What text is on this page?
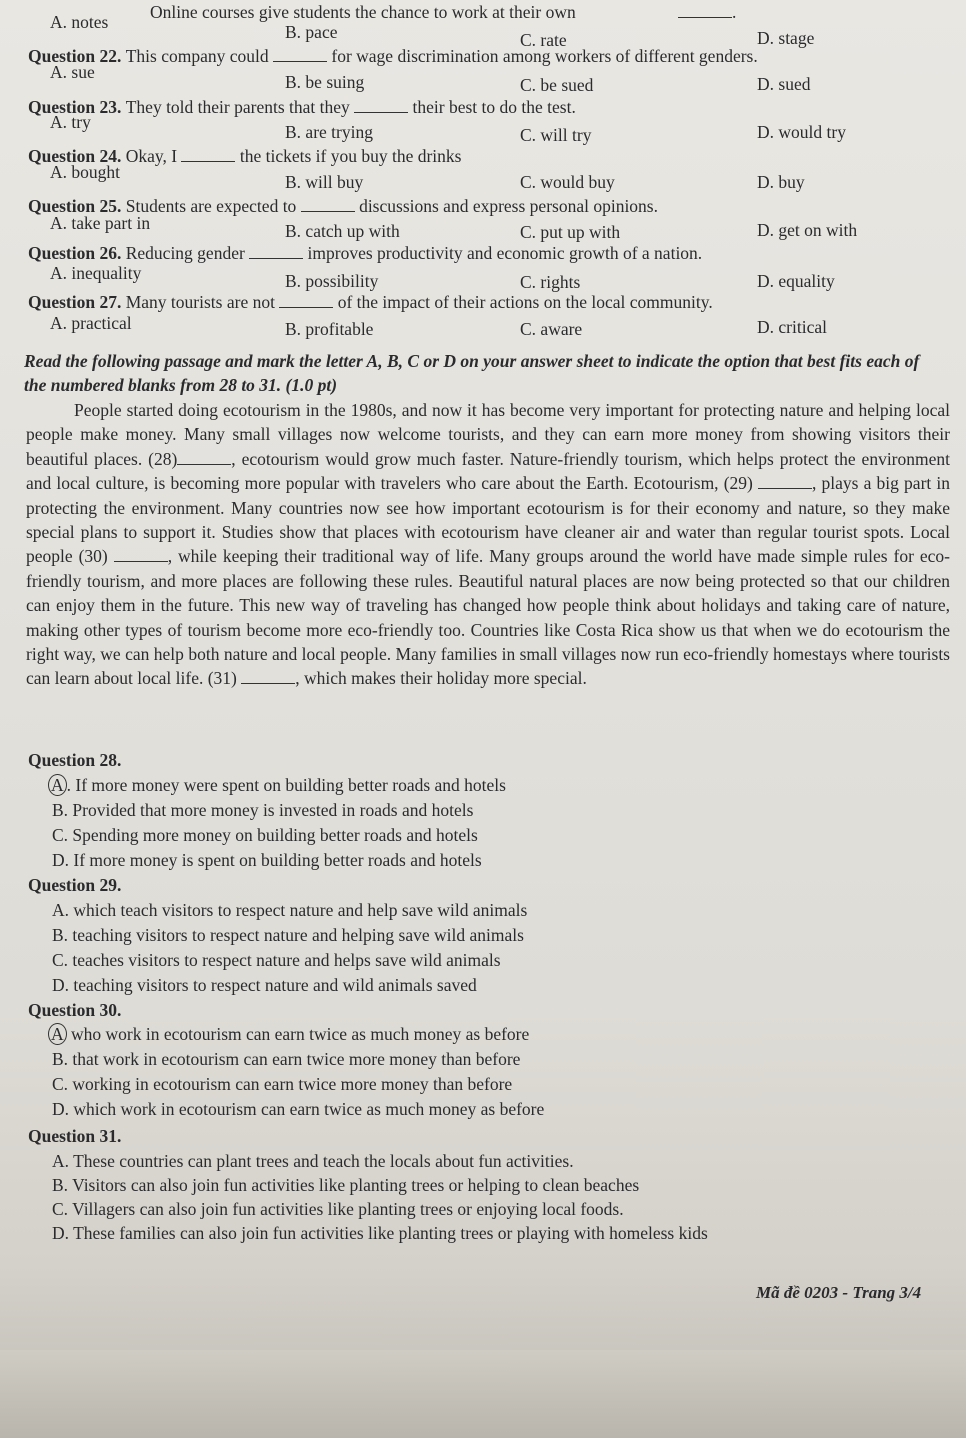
Online courses give students the chance to work at their own	.
A. notes	B. pace	C. rate	D. stage
Question 22. This company could	for wage discrimination among workers of different genders.
A. sue	B. be suing	C. be sued	D. sued
Question 23. They told their parents that they	their best to do the test.
A. try	B. are trying	C. will try	D. would try
Question 24. Okay, I	the tickets if you buy the drinks
A. bought	B. will buy	C. would buy	D. buy
Question 25. Students are expected to	discussions and express personal opinions.
A. take part in	B. catch up with	C. put up with	D. get on with
Question 26. Reducing gender	improves productivity and economic growth of a nation.
A. inequality	B. possibility	C. rights	D. equality
Question 27. Many tourists are not	of the impact of their actions on the local community.
A. practical	B. profitable	C. aware	D. critical
Read the following passage and mark the letter A, B, C or D on your answer sheet to indicate the option that best fits each of the numbered blanks from 28 to 31. (1.0 pt)
People started doing ecotourism in the 1980s, and now it has become very important for protecting nature and helping local people make money. Many small villages now welcome tourists, and they can earn more money from showing visitors their beautiful places. (28)	, ecotourism would grow much faster. Nature-friendly tourism, which helps protect the environment and local culture, is becoming more popular with travelers who care about the Earth. Ecotourism, (29)	, plays a big part in protecting the environment. Many countries now see how important ecotourism is for their economy and nature, so they make special plans to support it. Studies show that places with ecotourism have cleaner air and water than regular tourist spots. Local people (30)	, while keeping their traditional way of life. Many groups around the world have made simple rules for eco-friendly tourism, and more places are following these rules. Beautiful natural places are now being protected so that our children can enjoy them in the future. This new way of traveling has changed how people think about holidays and taking care of nature, making other types of tourism become more eco-friendly too. Countries like Costa Rica show us that when we do ecotourism the right way, we can help both nature and local people. Many families in small villages now run eco-friendly homestays where tourists can learn about local life. (31)	, which makes their holiday more special.
Question 28.
A . If more money were spent on building better roads and hotels
B. Provided that more money is invested in roads and hotels
C. Spending more money on building better roads and hotels
D. If more money is spent on building better roads and hotels
Question 29.
A. which teach visitors to respect nature and help save wild animals
B. teaching visitors to respect nature and helping save wild animals
C. teaches visitors to respect nature and helps save wild animals
D. teaching visitors to respect nature and wild animals saved
Question 30.
A who work in ecotourism can earn twice as much money as before
B. that work in ecotourism can earn twice more money than before
C. working in ecotourism can earn twice more money than before
D. which work in ecotourism can earn twice as much money as before
Question 31.
A. These countries can plant trees and teach the locals about fun activities.
B. Visitors can also join fun activities like planting trees or helping to clean beaches
C. Villagers can also join fun activities like planting trees or enjoying local foods.
D. These families can also join fun activities like planting trees or playing with homeless kids
Mã đề 0203 - Trang 3/4
